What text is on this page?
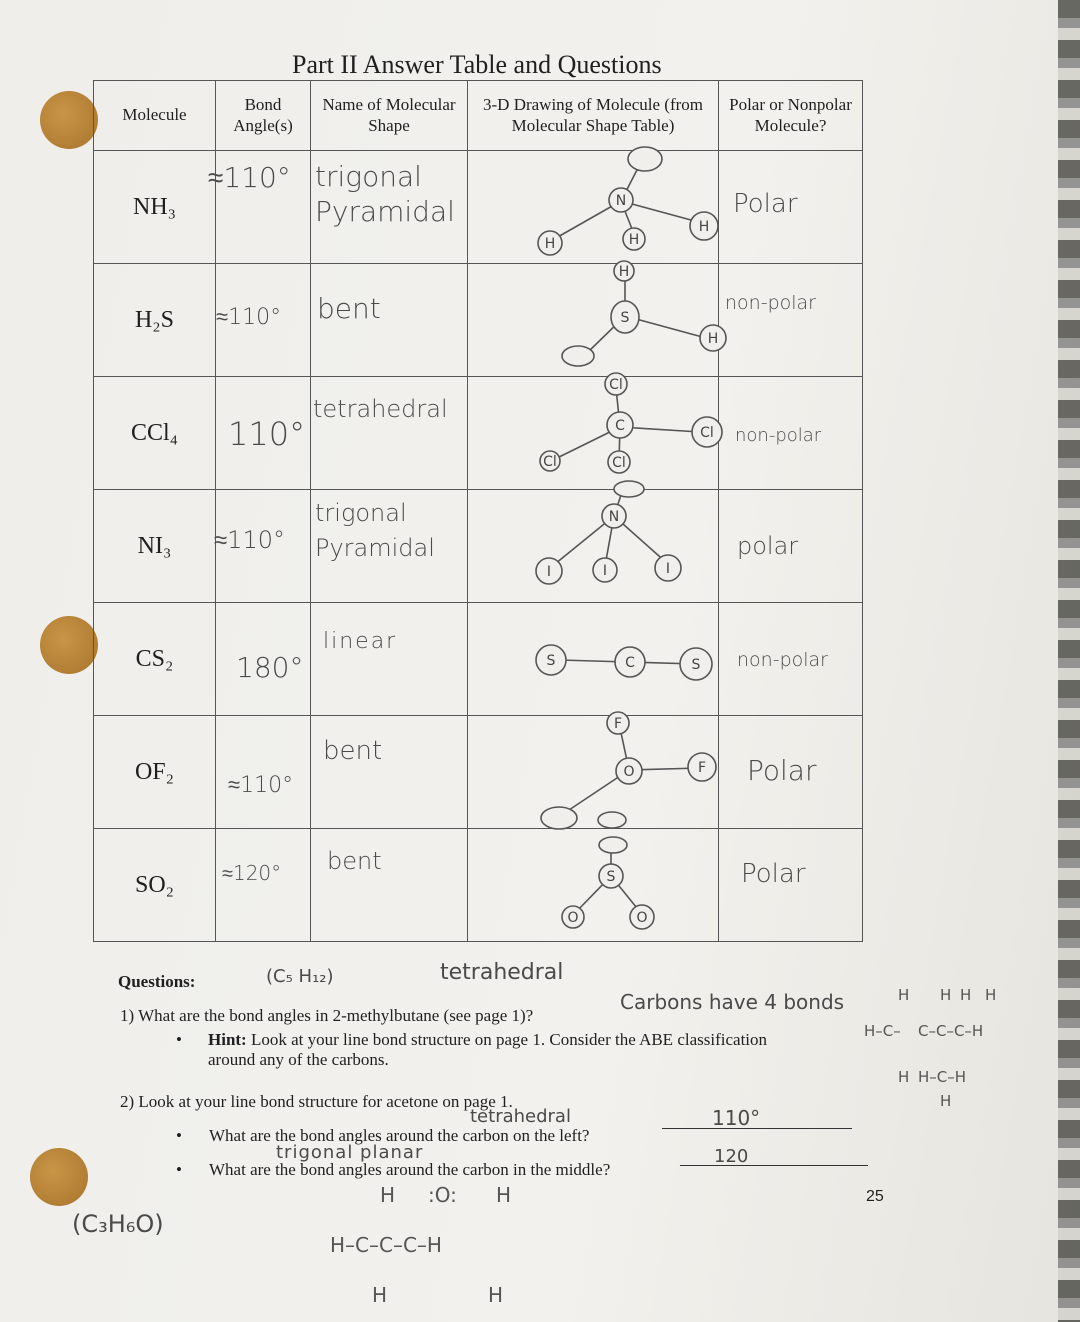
Part II Answer Table and Questions
Molecule	Bond Angle(s)	Name of Molecular Shape	3-D Drawing of Molecule (from Molecular Shape Table)	Polar or Nonpolar Molecule?
NH₃	≈110°	trigonal Pyramidal		Polar

H₂S	≈110°	bent		non-polar

CCl₄	110°	tetrahedral		non-polar

NI₃	≈110°	trigonal Pyramidal		polar

CS₂	180°	linear		non-polar

OF₂	≈110°	bent		Polar

SO₂	≈120°	bent		Polar
N
H	H
H
H
S
H
Cl
C
Cl	Cl
Cl
N
I	I	I
S	C	S
F
O	F
S
O	O
Questions:	(C₅ H₁₂)	tetrahedral
1) What are the bond angles in 2-methylbutane (see page 1)?
Carbons have 4 bonds
• Hint: Look at your line bond structure on page 1. Consider the ABE classification
around any of the carbons.
H H H H
H–C– C–C–C–H
H H–C–H
H
2) Look at your line bond structure for acetone on page 1.
•
tetrahedral
What are the bond angles around the carbon on the left?
110°
•
trigonal planar
What are the bond angles around the carbon in the middle?
120
25
(C₃H₆O)
H :O: H
H–C–C–C–H
H	H
